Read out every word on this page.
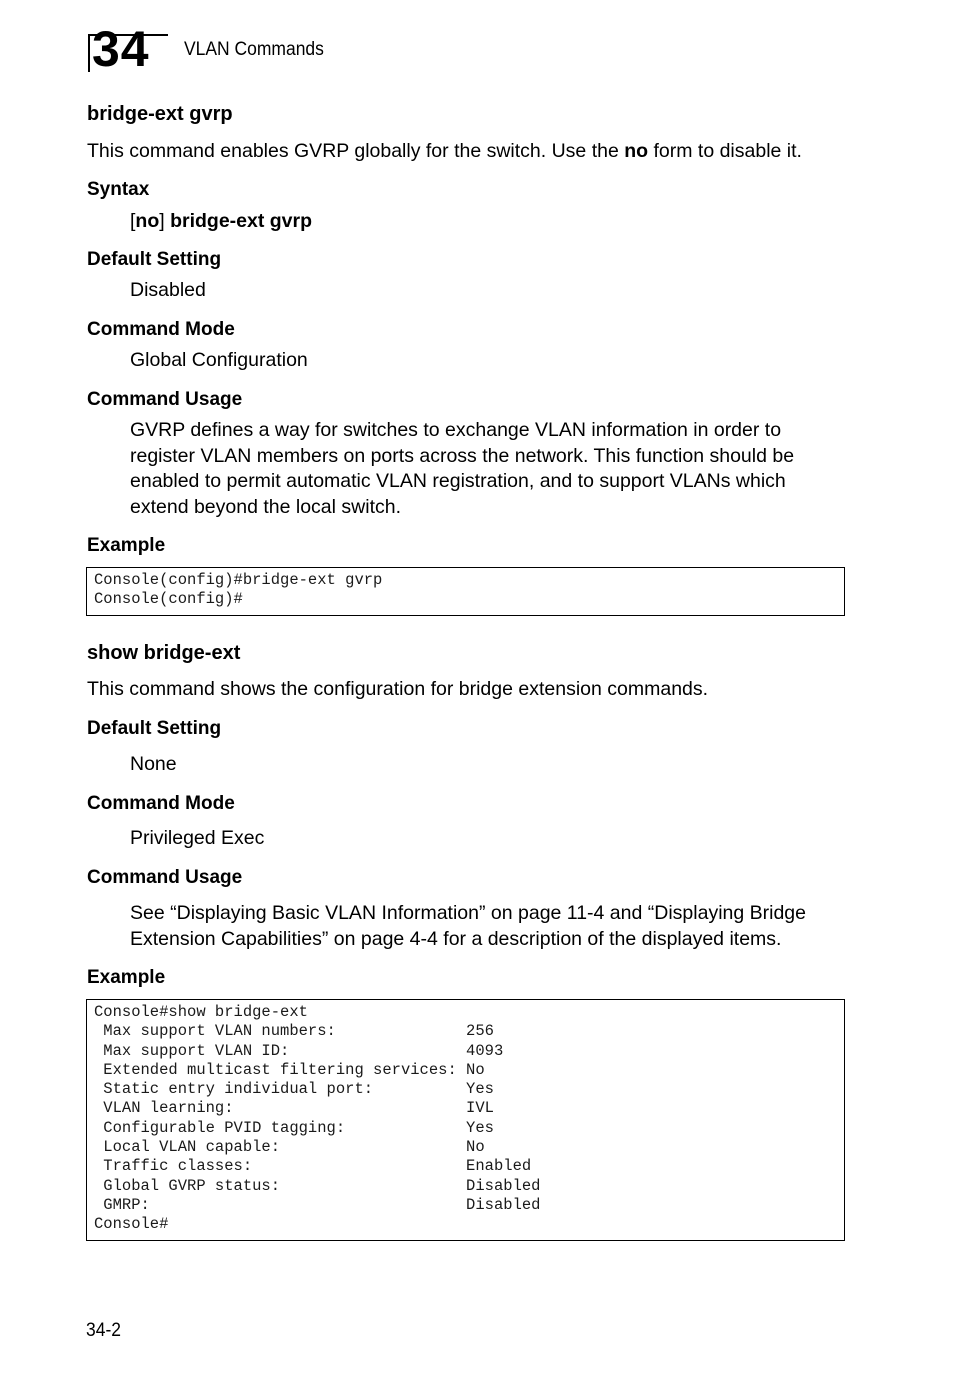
34 VLAN Commands
bridge-ext gvrp
This command enables GVRP globally for the switch. Use the no form to disable it.
Syntax
[no] bridge-ext gvrp
Default Setting
Disabled
Command Mode
Global Configuration
Command Usage
GVRP defines a way for switches to exchange VLAN information in order to
register VLAN members on ports across the network. This function should be
enabled to permit automatic VLAN registration, and to support VLANs which
extend beyond the local switch.
Example
Console(config)#bridge-ext gvrp
Console(config)#
show bridge-ext
This command shows the configuration for bridge extension commands.
Default Setting
None
Command Mode
Privileged Exec
Command Usage
See “Displaying Basic VLAN Information” on page 11-4 and “Displaying Bridge
Extension Capabilities” on page 4-4 for a description of the displayed items.
Example
Console#show bridge-ext
Max support VLAN numbers:              256
Max support VLAN ID:                   4093
Extended multicast filtering services: No
Static entry individual port:          Yes
VLAN learning:                         IVL
Configurable PVID tagging:             Yes
Local VLAN capable:                    No
Traffic classes:                       Enabled
Global GVRP status:                    Disabled
GMRP:                                  Disabled
Console#
34-2
